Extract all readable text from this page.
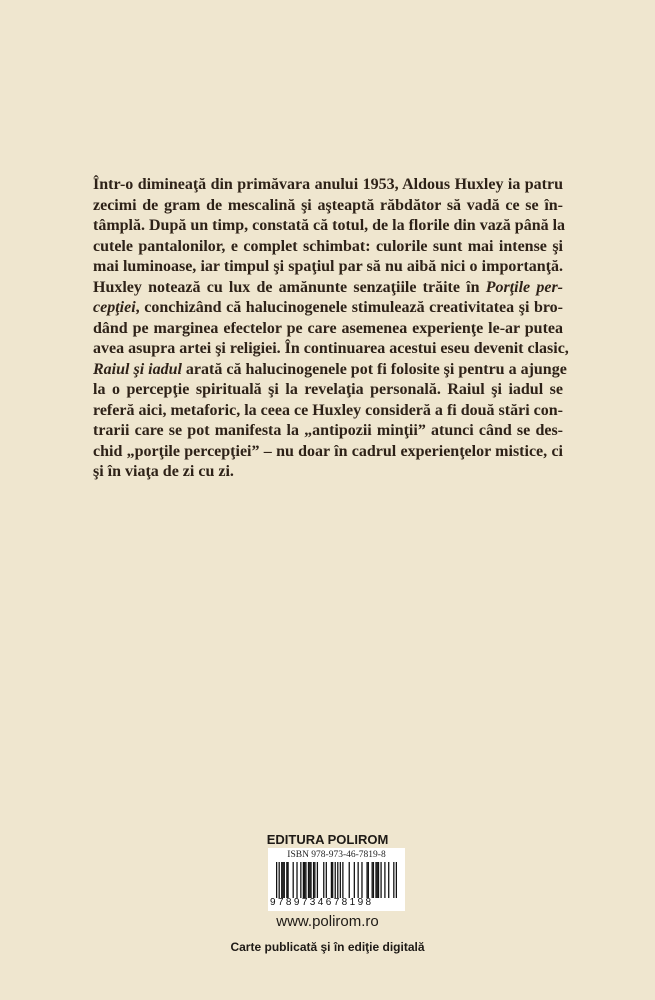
Într-o dimineaţă din primăvara anului 1953, Aldous Huxley ia patru
zecimi de gram de mescalină şi aşteaptă răbdător să vadă ce se în-
tâmplă. După un timp, constată că totul, de la florile din vază până la
cutele pantalonilor, e complet schimbat: culorile sunt mai intense şi
mai luminoase, iar timpul şi spaţiul par să nu aibă nici o importanţă.
Huxley notează cu lux de amănunte senzaţiile trăite în Porţile per-
cepţiei, conchizând că halucinogenele stimulează creativitatea şi bro-
dând pe marginea efectelor pe care asemenea experienţe le-ar putea
avea asupra artei şi religiei. În continuarea acestui eseu devenit clasic,
Raiul şi iadul arată că halucinogenele pot fi folosite şi pentru a ajunge
la o percepţie spirituală şi la revelaţia personală. Raiul şi iadul se
referă aici, metaforic, la ceea ce Huxley consideră a fi două stări con-
trarii care se pot manifesta la „antipozii minţii” atunci când se des-
chid „porţile percepţiei” – nu doar în cadrul experienţelor mistice, ci
şi în viaţa de zi cu zi.
EDITURA POLIROM
ISBN 978-973-46-7819-8
9789734678198
www.polirom.ro
Carte publicată şi în ediţie digitală
